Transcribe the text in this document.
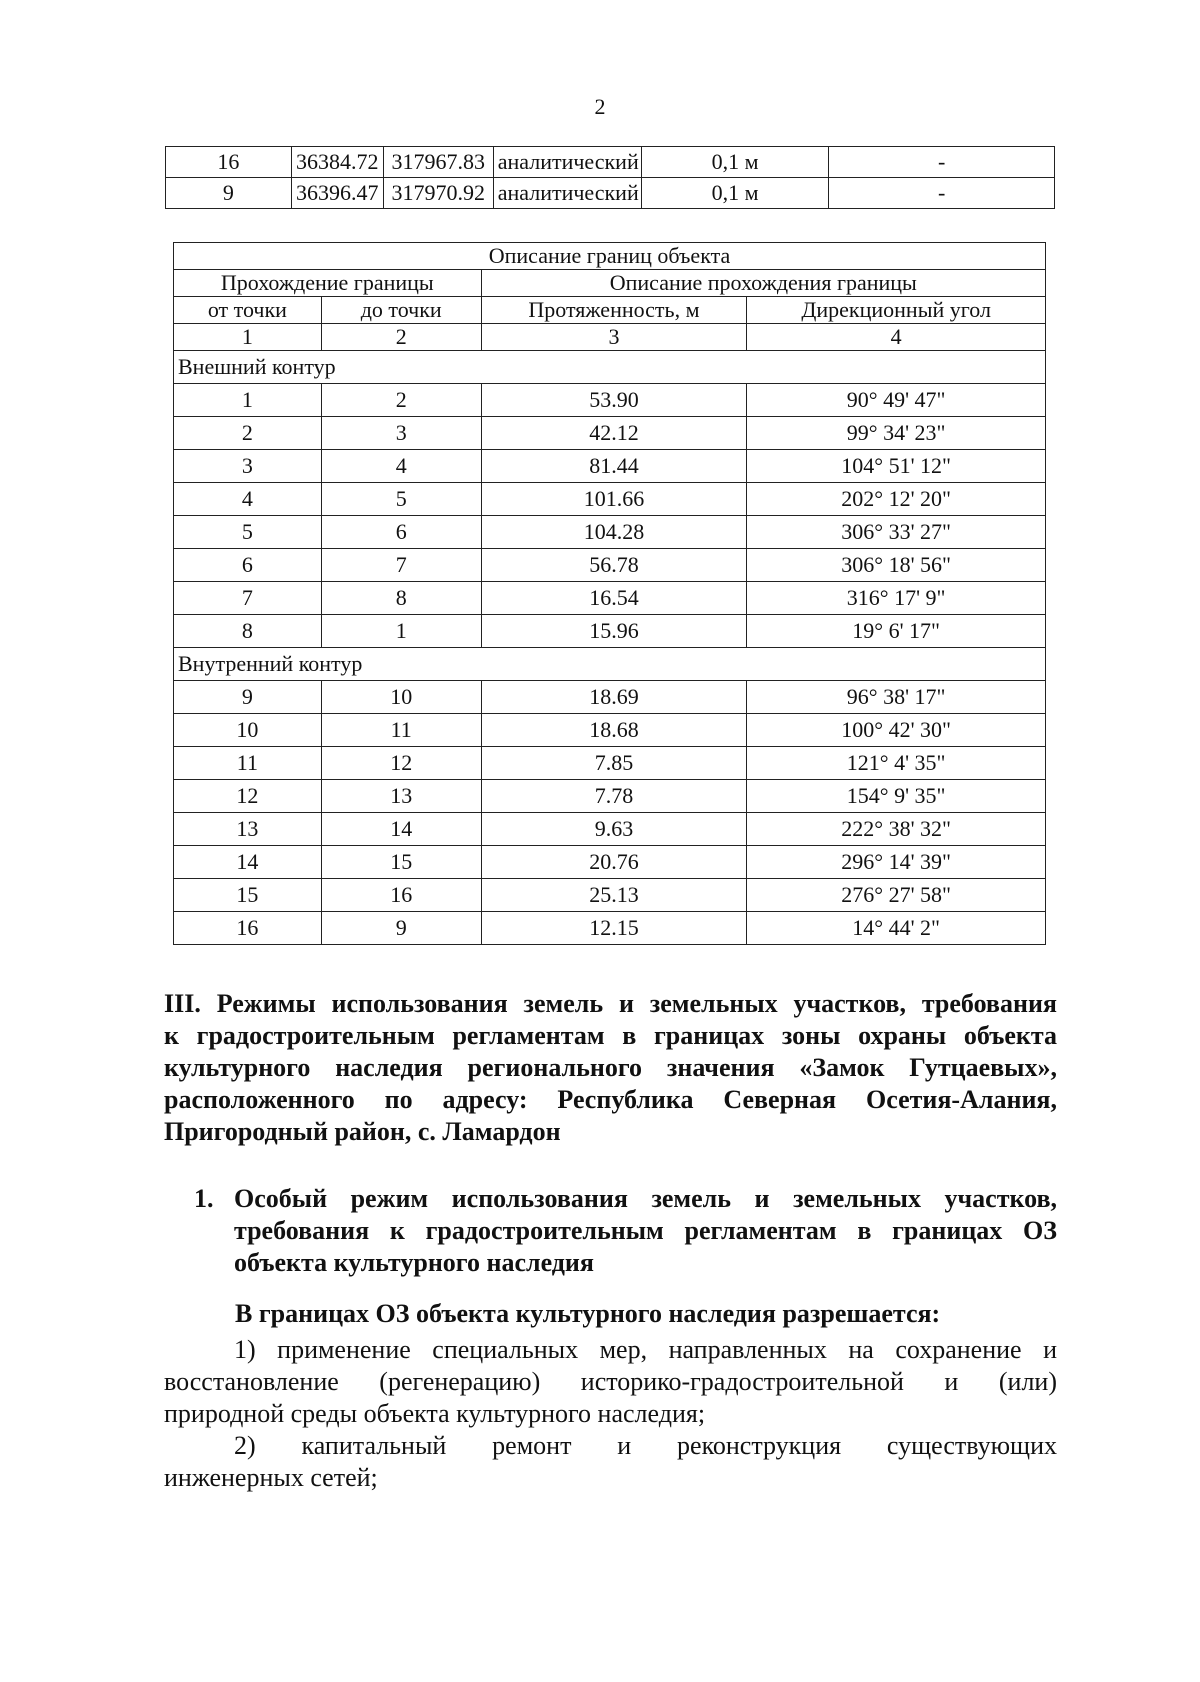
2
16	36384.72	317967.83	аналитический	0,1 м	-
9	36396.47	317970.92	аналитический	0,1 м	-
Описание границ объекта			
Прохождение границы		Описание прохождения границы	
от точки	до точки	Протяженность, м	Дирекционный угол
1	2	3	4
Внешний контур			
1	2	53.90	90° 49' 47"
2	3	42.12	99° 34' 23"
3	4	81.44	104° 51' 12"
4	5	101.66	202° 12' 20"
5	6	104.28	306° 33' 27"
6	7	56.78	306° 18' 56"
7	8	16.54	316° 17' 9"
8	1	15.96	19° 6' 17"
Внутренний контур			
9	10	18.69	96° 38' 17"
10	11	18.68	100° 42' 30"
11	12	7.85	121° 4' 35"
12	13	7.78	154° 9' 35"
13	14	9.63	222° 38' 32"
14	15	20.76	296° 14' 39"
15	16	25.13	276° 27' 58"
16	9	12.15	14° 44' 2"
III. Режимы использования земель и земельных участков, требования
к градостроительным регламентам в границах зоны охраны объекта
культурного наследия регионального значения «Замок Гутцаевых»,
расположенного по адресу: Республика Северная Осетия-Алания,
Пригородный район, с. Ламардон
1. Особый режим использования земель и земельных участков,
требования к градостроительным регламентам в границах ОЗ
объекта культурного наследия
В границах ОЗ объекта культурного наследия разрешается:
1) применение специальных мер, направленных на сохранение и
восстановление (регенерацию) историко-градостроительной и (или)
природной среды объекта культурного наследия;
2) капитальный ремонт и реконструкция существующих
инженерных сетей;
